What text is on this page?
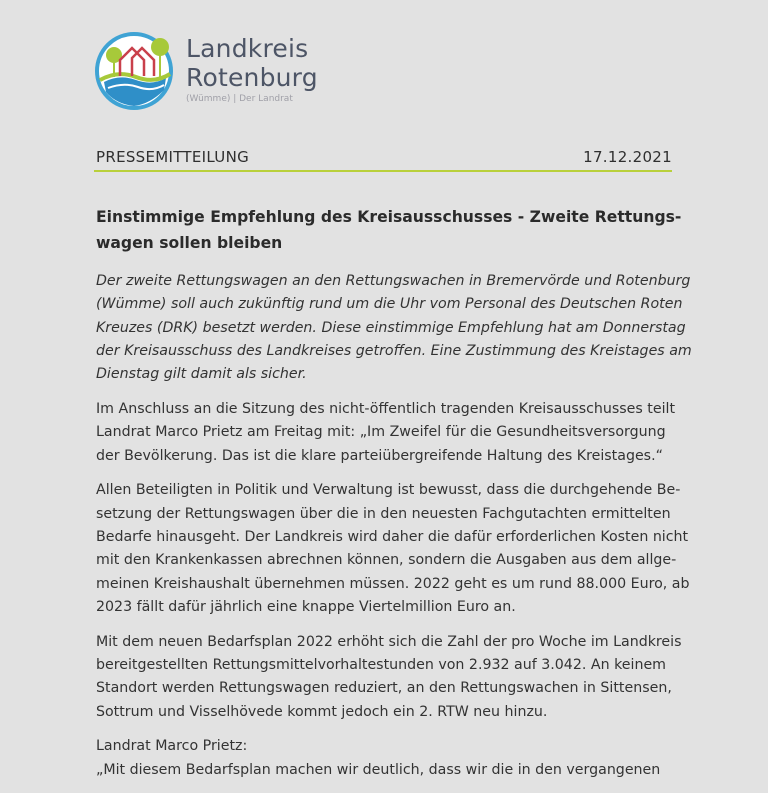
Landkreis
Rotenburg
(Wümme) | Der Landrat
PRESSEMITTEILUNG	17.12.2021
Einstimmige Empfehlung des Kreisausschusses - Zweite Rettungs-
wagen sollen bleiben

Der zweite Rettungswagen an den Rettungswachen in Bremervörde und Rotenburg
(Wümme) soll auch zukünftig rund um die Uhr vom Personal des Deutschen Roten
Kreuzes (DRK) besetzt werden. Diese einstimmige Empfehlung hat am Donnerstag
der Kreisausschuss des Landkreises getroffen. Eine Zustimmung des Kreistages am
Dienstag gilt damit als sicher.

Im Anschluss an die Sitzung des nicht-öffentlich tragenden Kreisausschusses teilt
Landrat Marco Prietz am Freitag mit: „Im Zweifel für die Gesundheitsversorgung
der Bevölkerung. Das ist die klare parteiübergreifende Haltung des Kreistages.“

Allen Beteiligten in Politik und Verwaltung ist bewusst, dass die durchgehende Be-
setzung der Rettungswagen über die in den neuesten Fachgutachten ermittelten
Bedarfe hinausgeht. Der Landkreis wird daher die dafür erforderlichen Kosten nicht
mit den Krankenkassen abrechnen können, sondern die Ausgaben aus dem allge-
meinen Kreishaushalt übernehmen müssen. 2022 geht es um rund 88.000 Euro, ab
2023 fällt dafür jährlich eine knappe Viertelmillion Euro an.

Mit dem neuen Bedarfsplan 2022 erhöht sich die Zahl der pro Woche im Landkreis
bereitgestellten Rettungsmittelvorhaltestunden von 2.932 auf 3.042. An keinem
Standort werden Rettungswagen reduziert, an den Rettungswachen in Sittensen,
Sottrum und Visselhövede kommt jedoch ein 2. RTW neu hinzu.

Landrat Marco Prietz:
„Mit diesem Bedarfsplan machen wir deutlich, dass wir die in den vergangenen
